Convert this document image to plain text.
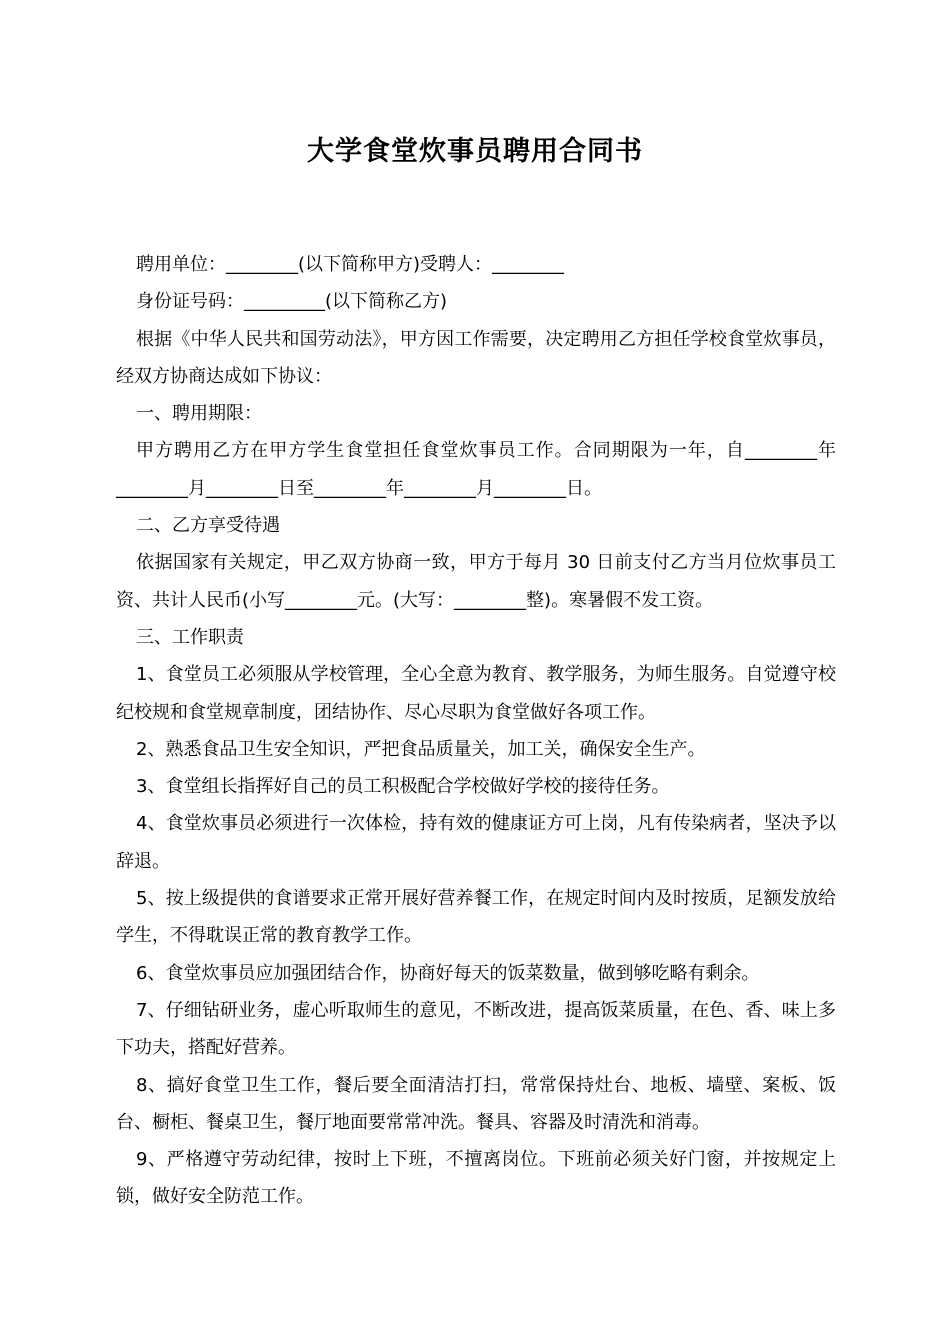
大学食堂炊事员聘用合同书

聘用单位：________(以下简称甲方)受聘人：________

身份证号码：_________(以下简称乙方)

根据《中华人民共和国劳动法》，甲方因工作需要，决定聘用乙方担任学校食堂炊事员，经双方协商达成如下协议：

一、聘用期限：

甲方聘用乙方在甲方学生食堂担任食堂炊事员工作。合同期限为一年，自________年________月________日至________年________月________日。

二、乙方享受待遇

依据国家有关规定，甲乙双方协商一致，甲方于每月 30 日前支付乙方当月位炊事员工资、共计人民币(小写________元。(大写：________整)。寒暑假不发工资。

三、工作职责

1、食堂员工必须服从学校管理，全心全意为教育、教学服务，为师生服务。自觉遵守校纪校规和食堂规章制度，团结协作、尽心尽职为食堂做好各项工作。

2、熟悉食品卫生安全知识，严把食品质量关，加工关，确保安全生产。

3、食堂组长指挥好自己的员工积极配合学校做好学校的接待任务。

4、食堂炊事员必须进行一次体检，持有效的健康证方可上岗，凡有传染病者，坚决予以辞退。

5、按上级提供的食谱要求正常开展好营养餐工作，在规定时间内及时按质，足额发放给学生，不得耽误正常的教育教学工作。

6、食堂炊事员应加强团结合作，协商好每天的饭菜数量，做到够吃略有剩余。

7、仔细钻研业务，虚心听取师生的意见，不断改进，提高饭菜质量，在色、香、味上多下功夫，搭配好营养。

8、搞好食堂卫生工作，餐后要全面清洁打扫，常常保持灶台、地板、墙壁、案板、饭台、橱柜、餐桌卫生，餐厅地面要常常冲洗。餐具、容器及时清洗和消毒。

9、严格遵守劳动纪律，按时上下班，不擅离岗位。下班前必须关好门窗，并按规定上锁，做好安全防范工作。
